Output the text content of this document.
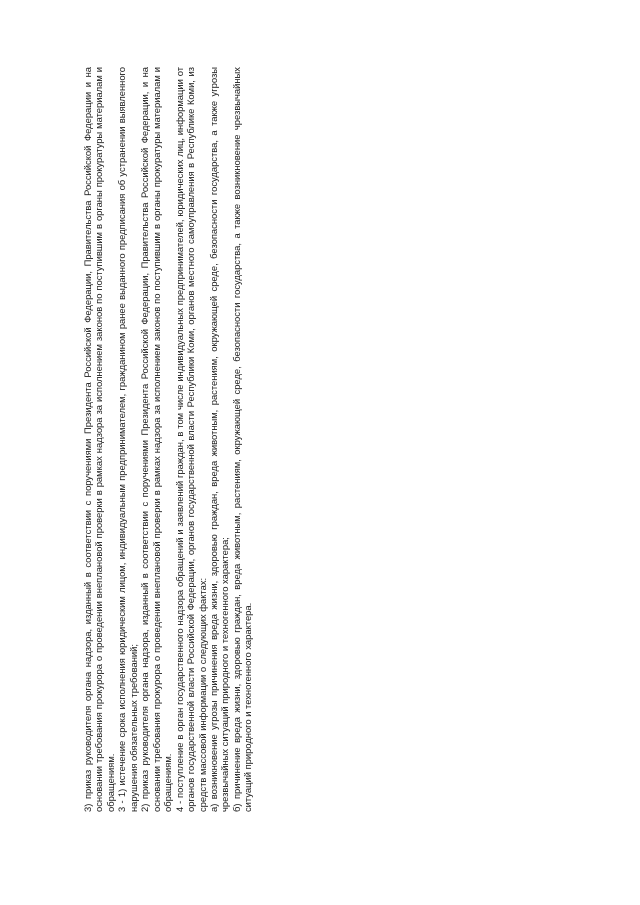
3) приказ руководителя органа надзора, изданный в соответствии с поручениями Президента Российской Федерации, Правительства Российской Федерации и на основании требования прокурора о проведении внеплановой проверки в рамках надзора за исполнением законов по поступившим в органы прокуратуры материалам и обращениям. 3 - 1) истечение срока исполнения юридическим лицом, индивидуальным предпринимателем, гражданином ранее выданного предписания об устранении выявленного нарушения обязательных требований; 2) приказ руководителя органа надзора, изданный в соответствии с поручениями Президента Российской Федерации, Правительства Российской Федерации, и на основании требования прокурора о проведении внеплановой проверки в рамках надзора за исполнением законов по поступившим в органы прокуратуры материалам и обращениям. 4 - поступление в орган государственного надзора обращений и заявлений граждан, в том числе индивидуальных предпринимателей, юридических лиц, информации от органов государственной власти Российской Федерации, органов государственной власти Республики Коми, органов местного самоуправления в Республике Коми, из средств массовой информации о следующих фактах: а) возникновение угрозы причинения вреда жизни, здоровью граждан, вреда животным, растениям, окружающей среде, безопасности государства, а также угрозы чрезвычайных ситуаций природного и техногенного характера; б) причинение вреда жизни, здоровью граждан, вреда животным, растениям, окружающей среде, безопасности государства, а также возникновение чрезвычайных ситуаций природного и техногенного характера.
